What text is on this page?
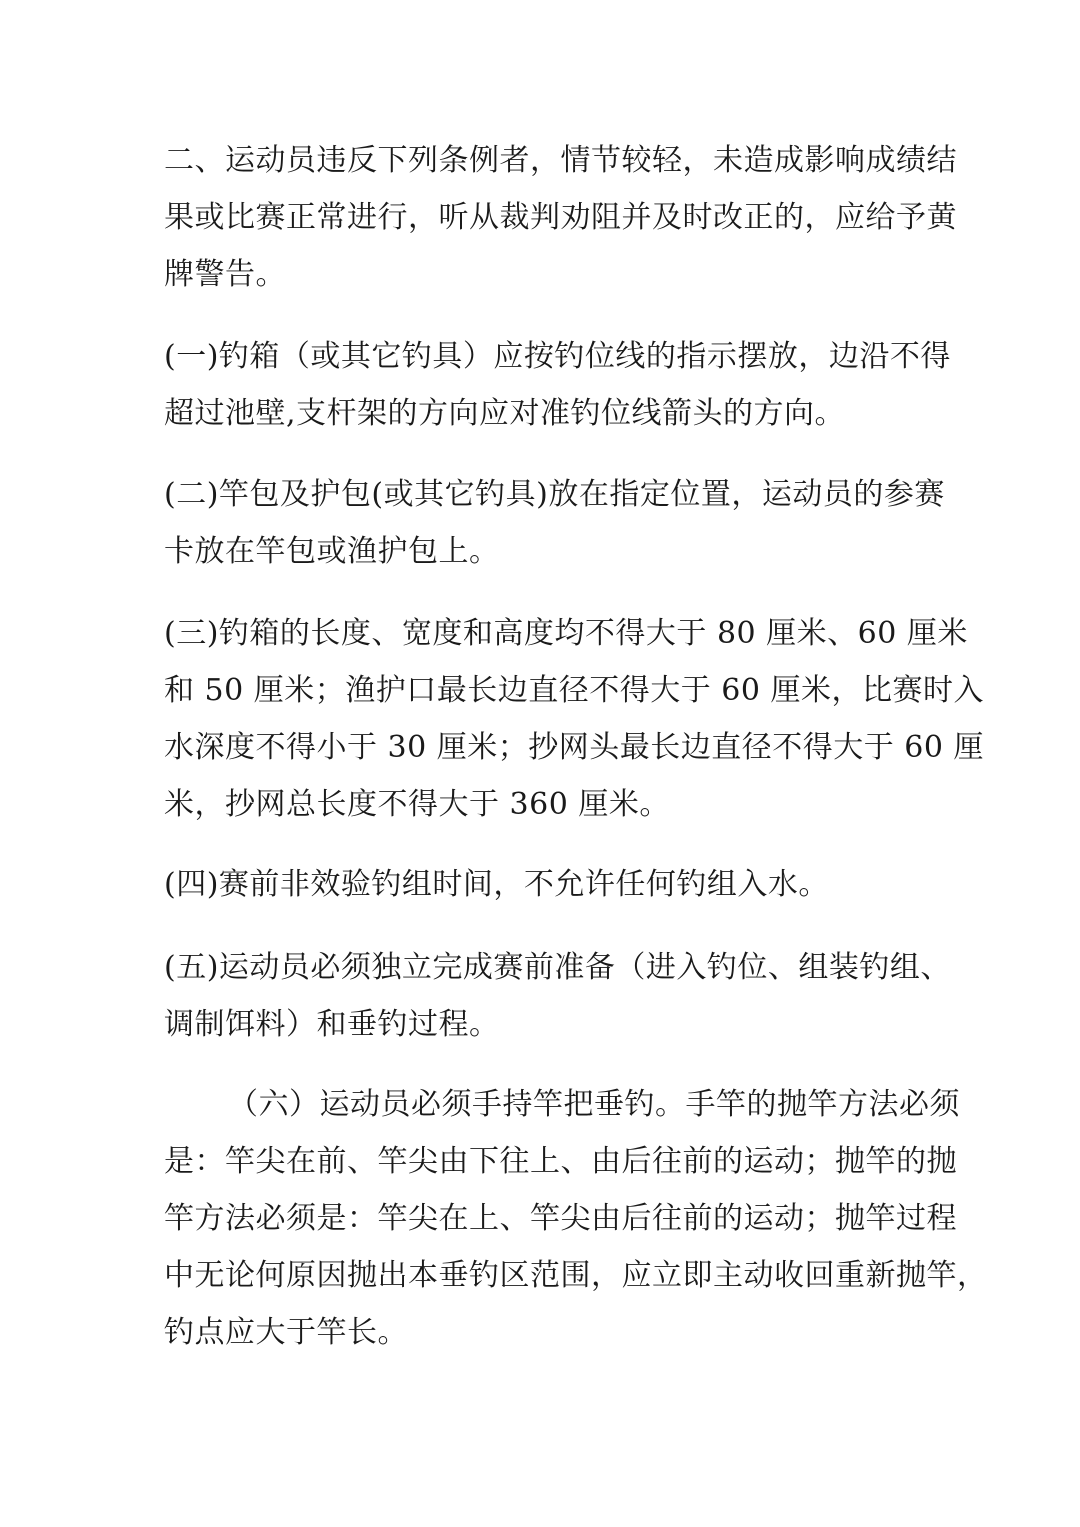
二、运动员违反下列条例者，情节较轻，未造成影响成绩结
果或比赛正常进行，听从裁判劝阻并及时改正的，应给予黄
牌警告。

(一)钓箱（或其它钓具）应按钓位线的指示摆放，边沿不得
超过池壁,支杆架的方向应对准钓位线箭头的方向。

(二)竿包及护包(或其它钓具)放在指定位置，运动员的参赛
卡放在竿包或渔护包上。

(三)钓箱的长度、宽度和高度均不得大于 80 厘米、60 厘米
和 50 厘米；渔护口最长边直径不得大于 60 厘米，比赛时入
水深度不得小于 30 厘米；抄网头最长边直径不得大于 60 厘
米，抄网总长度不得大于 360 厘米。

(四)赛前非效验钓组时间，不允许任何钓组入水。

(五)运动员必须独立完成赛前准备（进入钓位、组装钓组、
调制饵料）和垂钓过程。

（六）运动员必须手持竿把垂钓。手竿的抛竿方法必须
是：竿尖在前、竿尖由下往上、由后往前的运动；抛竿的抛
竿方法必须是：竿尖在上、竿尖由后往前的运动；抛竿过程
中无论何原因抛出本垂钓区范围，应立即主动收回重新抛竿，
钓点应大于竿长。
